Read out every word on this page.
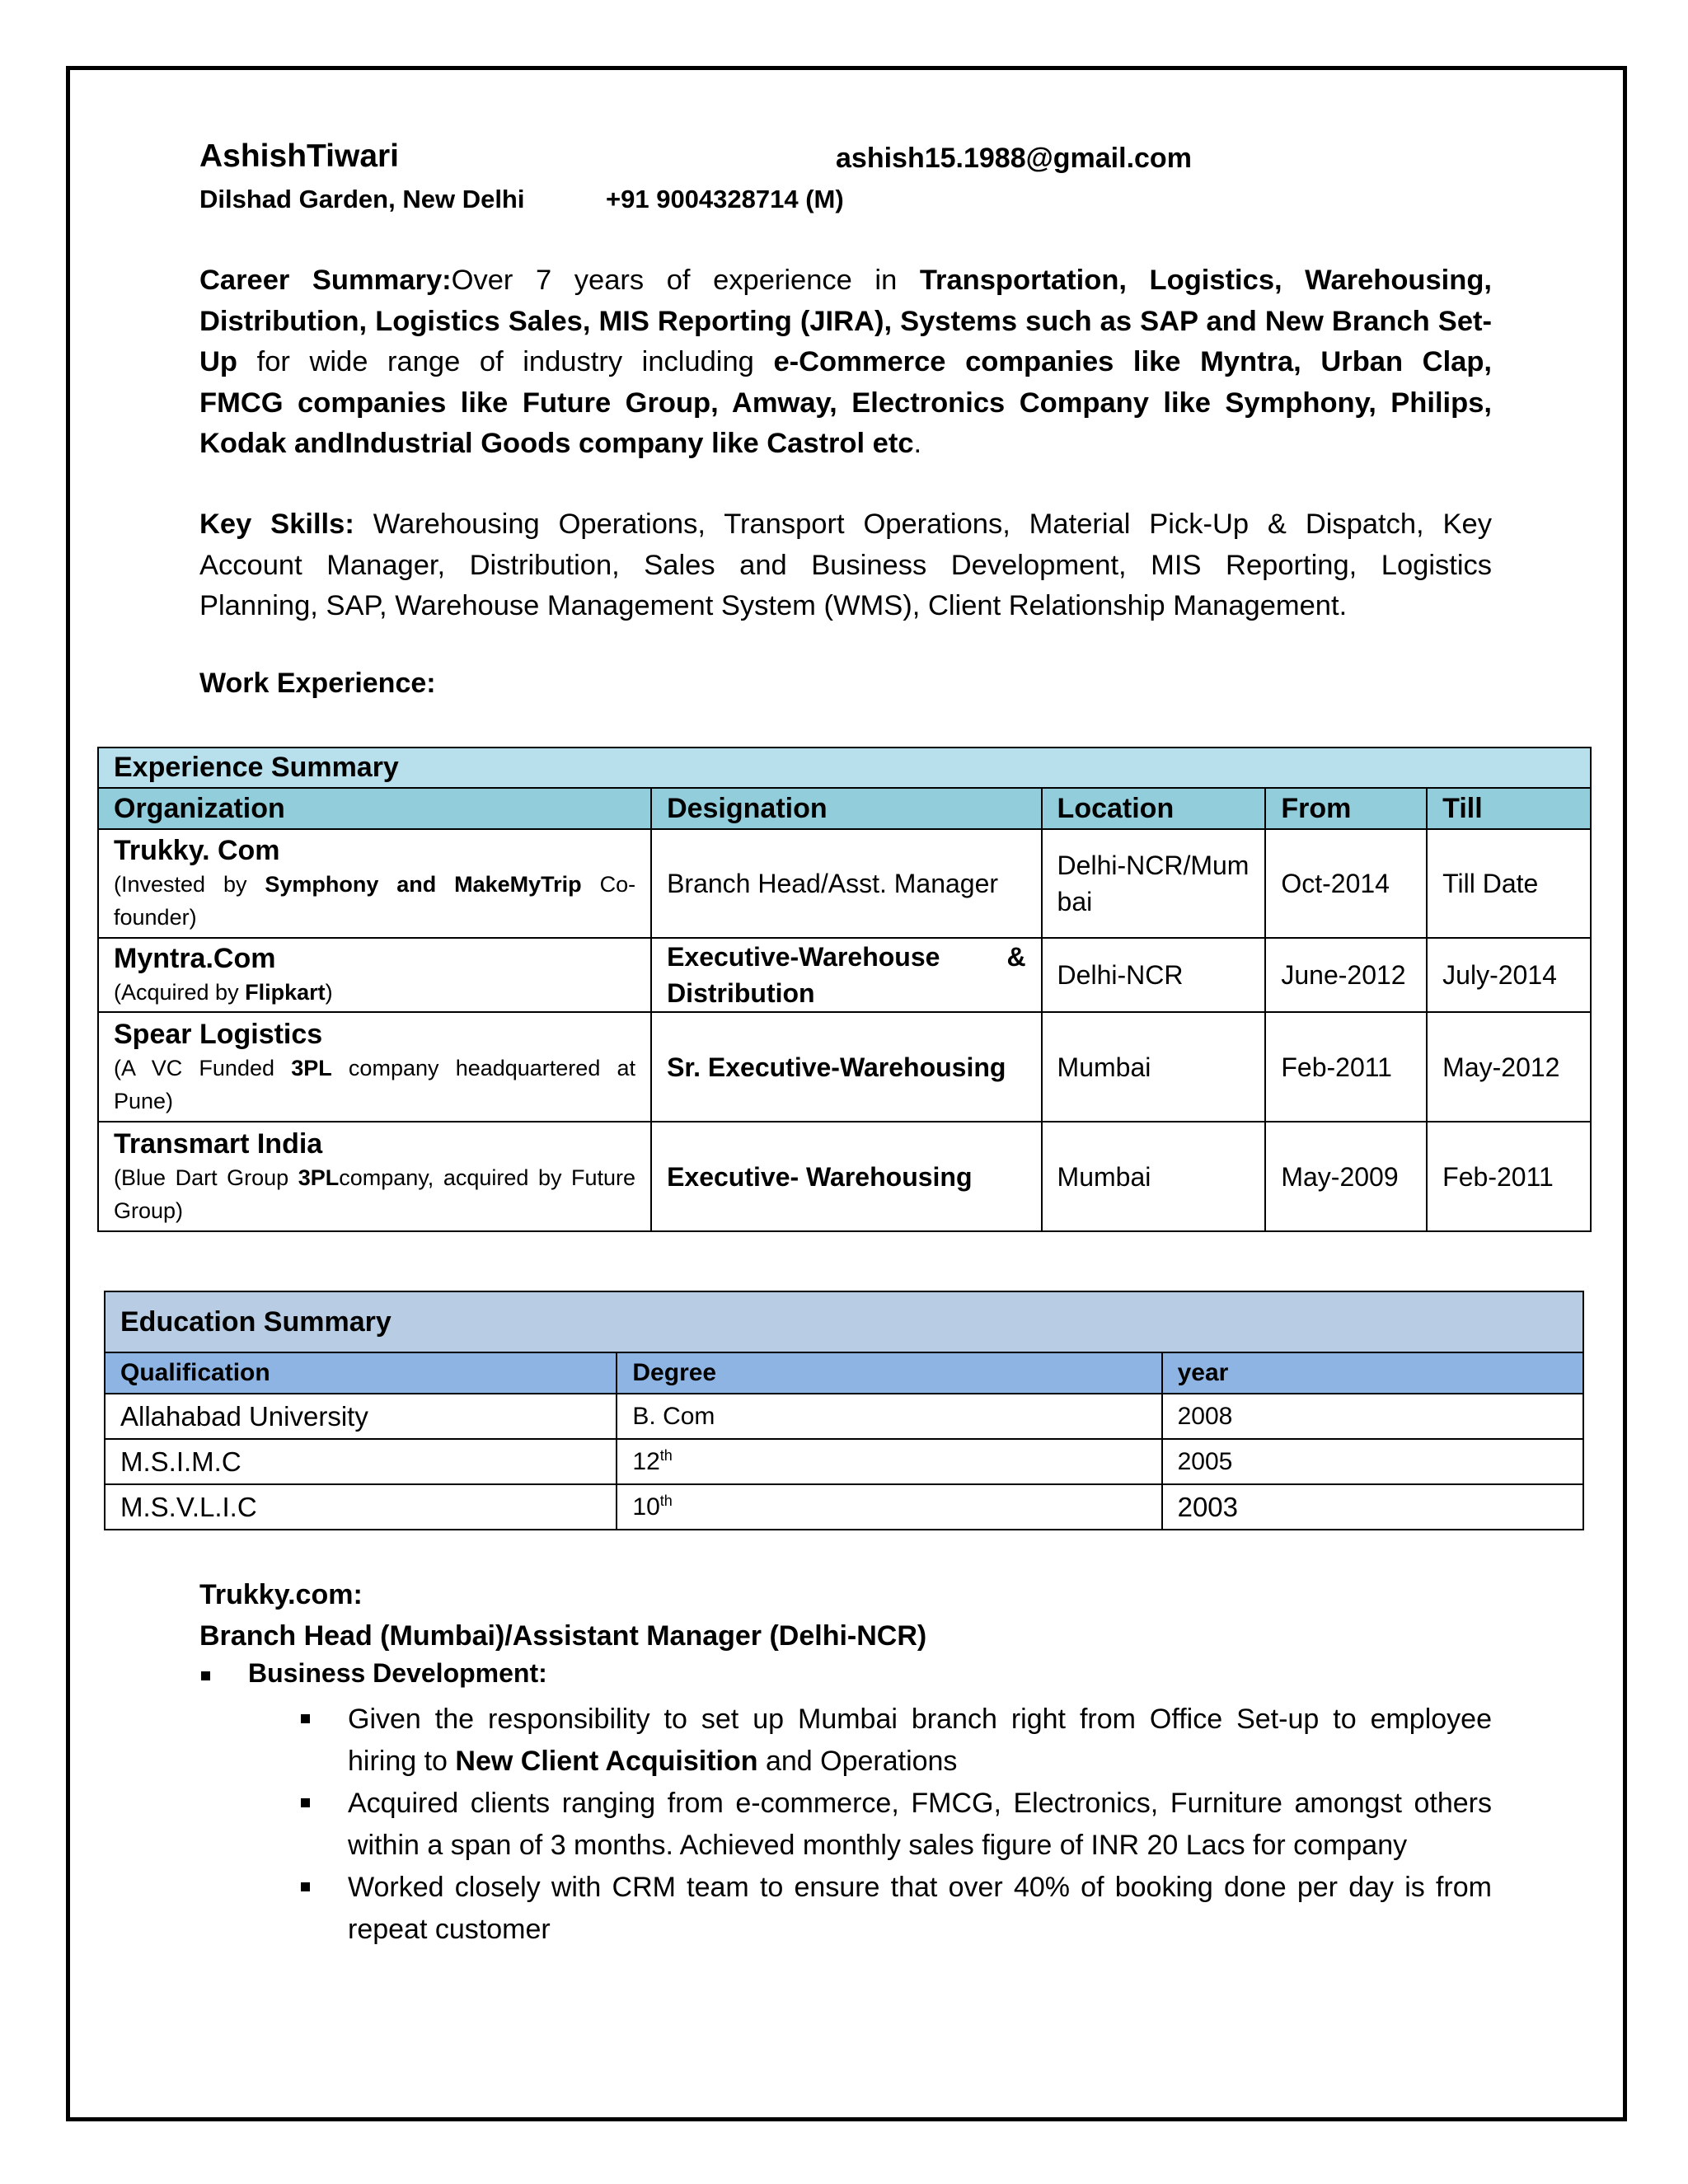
AshishTiwari	ashish15.1988@gmail.com
Dilshad Garden, New Delhi	+91 9004328714 (M)
Career Summary:Over 7 years of experience in Transportation, Logistics, Warehousing,
Distribution, Logistics Sales, MIS Reporting (JIRA), Systems such as SAP and New Branch Set-
Up for wide range of industry including e-Commerce companies like Myntra, Urban Clap,
FMCG companies like Future Group, Amway, Electronics Company like Symphony, Philips,
Kodak andIndustrial Goods company like Castrol etc.
Key Skills: Warehousing Operations, Transport Operations, Material Pick-Up & Dispatch, Key
Account Manager, Distribution, Sales and Business Development, MIS Reporting, Logistics
Planning, SAP, Warehouse Management System (WMS), Client Relationship Management.
Work Experience:
Experience Summary				
Organization	Designation	Location	From	Till

Trukky. Com
(Invested by Symphony and MakeMyTrip Co-founder)	Branch Head/Asst. Manager	Delhi-NCR/Mumbai	Oct-2014	Till Date

Myntra.Com
(Acquired by Flipkart)	Executive-Warehouse & Distribution	Delhi-NCR	June-2012	July-2014

Spear Logistics
(A VC Funded 3PL company headquartered at Pune)	Sr. Executive-Warehousing	Mumbai	Feb-2011	May-2012

Transmart India
(Blue Dart Group 3PLcompany, acquired by Future Group)	Executive- Warehousing	Mumbai	May-2009	Feb-2011
Education Summary		
Qualification	Degree	year
Allahabad University	B. Com	2008
M.S.I.M.C	12th	2005
M.S.V.L.I.C	10th	2003
Trukky.com:
Branch Head (Mumbai)/Assistant Manager (Delhi-NCR)
Business Development:
Given the responsibility to set up Mumbai branch right from Office Set-up to employee
hiring to New Client Acquisition and Operations
Acquired clients ranging from e-commerce, FMCG, Electronics, Furniture amongst others
within a span of 3 months. Achieved monthly sales figure of INR 20 Lacs for company
Worked closely with CRM team to ensure that over 40% of booking done per day is from
repeat customer
